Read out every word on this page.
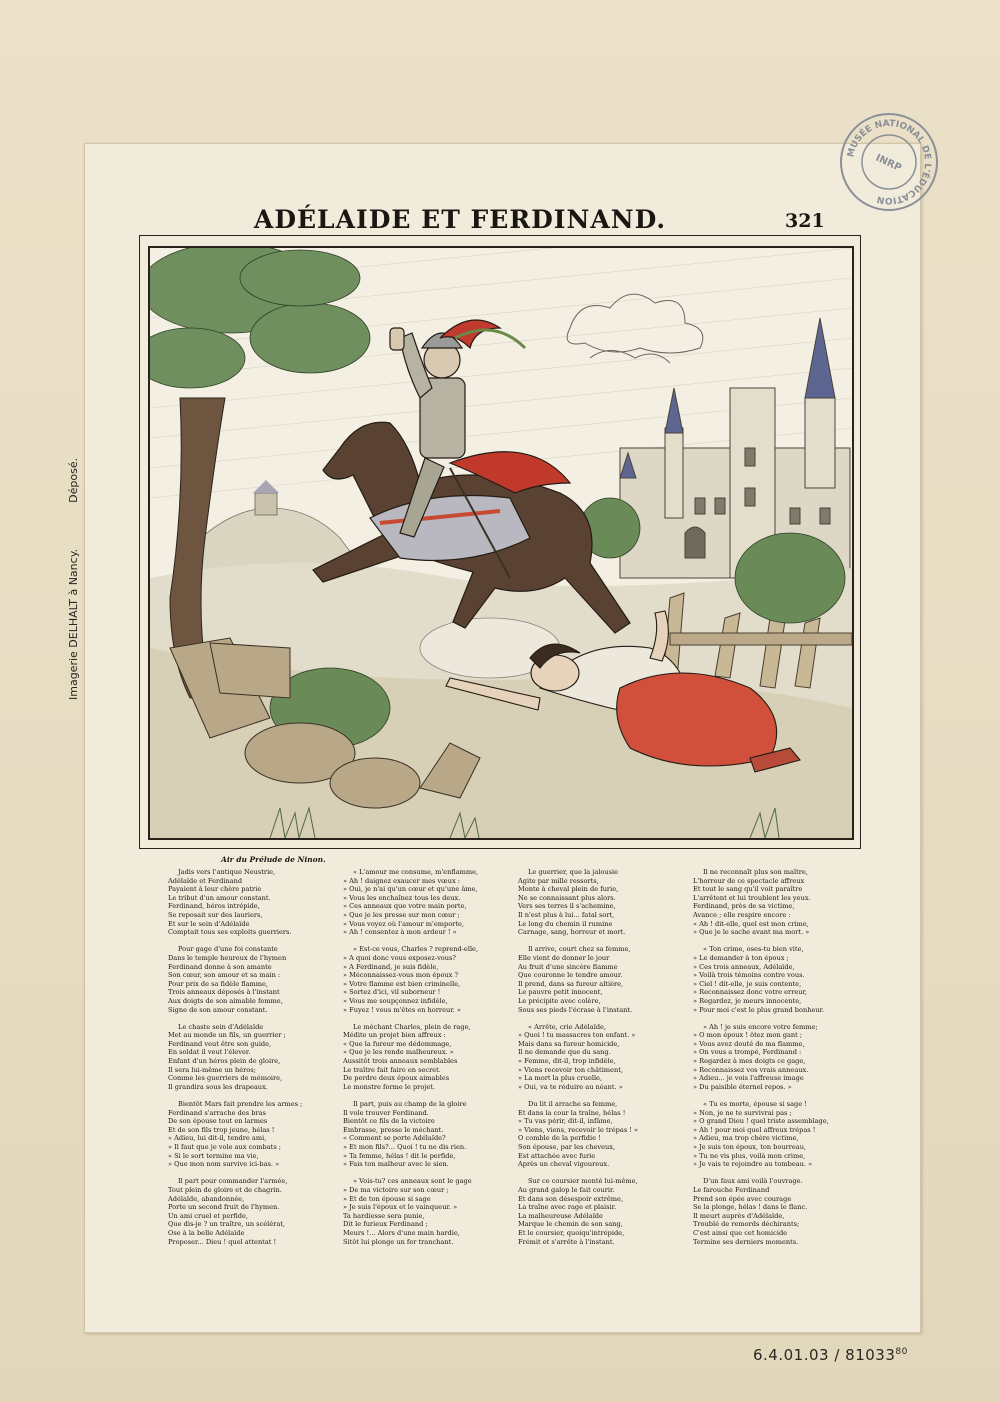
MUSÉE NATIONAL DE L'ÉDUCATION
INRP
ADÉLAIDE ET FERDINAND.	321
Imagerie DELHALT à Nancy.Déposé.
Air du Prélude de Ninon.
Jadis vers l'antique Neustrie,
Adélaïde et Ferdinand
Payaient à leur chère patrie
Le tribut d'un amour constant.
Ferdinand, héros intrépide,
Se reposait sur des lauriers,
Et sur le sein d'Adélaïde
Comptait tous ses exploits guerriers.
Pour gage d'une foi constante
Dans le temple heureux de l'hymen
Ferdinand donne à son amante
Son cœur, son amour et sa main :
Pour prix de sa fidèle flamme,
Trois anneaux déposés à l'instant
Aux doigts de son aimable femme,
Signe de son amour constant.
Le chaste sein d'Adélaïde
Met au monde un fils, un guerrier ;
Ferdinand veut être son guide,
En soldat il veut l'élever.
Enfant d'un héros plein de gloire,
Il sera lui-même un héros;
Comme les guerriers de mémoire,
Il grandira sous les drapeaux.
Bientôt Mars fait prendre les armes ;
Ferdinand s'arrache des bras
De son épouse tout en larmes
Et de son fils trop jeune, hélas !
« Adieu, lui dit-il, tendre ami,
» Il faut que je vole aux combats ;
» Si le sort termine ma vie,
» Que mon nom survive ici-bas. »
Il part pour commander l'armée,
Tout plein de gloire et de chagrin.
Adélaïde, abandonnée,
Porte un second fruit de l'hymen.
Un ami cruel et perfide,
Que dis-je ? un traître, un scélérat,
Ose à la belle Adélaïde
Proposer... Dieu ! quel attentat !
« L'amour me consume, m'enflamme,
» Ah ! daignez exaucer mes vœux :
» Oui, je n'ai qu'un cœur et qu'une âme,
» Vous les enchaînez tous les deux.
» Ces anneaux que votre main porte,
» Que je les presse sur mon cœur ;
» Vous voyez où l'amour m'emporte,
» Ah ! consentez à mon ardeur ! »
« Est-ce vous, Charles ? reprend-elle,
» A quoi donc vous exposez-vous?
» A Ferdinand, je suis fidèle,
» Méconnaissez-vous mon époux ?
» Votre flamme est bien criminelle,
» Sortez d'ici, vil suborneur !
» Vous me soupçonnez infidèle,
» Fuyez ! vous m'êtes en horreur. »
Le méchant Charles, plein de rage,
Médite un projet bien affreux :
« Que la fureur me dédommage,
» Que je les rende malheureux. »
Aussitôt trois anneaux semblables
Le traître fait faire en secret.
De perdre deux époux aimables
Le monstre forme le projet.
Il part, puis au champ de la gloire
Il vole trouver Ferdinand.
Bientôt ce fils de la victoire
Embrasse, presse le méchant.
« Comment se porte Adélaïde?
» Et mon fils?... Quoi ! tu ne dis rien.
» Ta femme, hélas ! dit le perfide,
» Fais ton malheur avec le sien.
» Vois-tu? ces anneaux sont le gage
» De ma victoire sur son cœur ;
» Et de ton épouse si sage
» Je suis l'époux et le vainqueur. »
Ta hardiesse sera punie,
Dit le furieux Ferdinand ;
Meurs !... Alors d'une main hardie,
Sitôt lui plonge un fer tranchant.
Le guerrier, que la jalousie
Agite par mille ressorts,
Monte à cheval plein de furie,
Ne se connaissant plus alors.
Vers ses terres il s'achemine,
Il n'est plus à lui... fatal sort,
Le long du chemin il rumine
Carnage, sang, horreur et mort.
Il arrive, court chez sa femme,
Elle vient de donner le jour
Au fruit d'une sincère flamme
Que couronne le tendre amour.
Il prend, dans sa fureur altière,
Le pauvre petit innocent,
Le précipite avec colère,
Sous ses pieds l'écrase à l'instant.
« Arrête, crie Adélaïde,
» Quoi ! tu massacres ton enfant. »
Mais dans sa fureur homicide,
Il ne demande que du sang.
« Femme, dit-il, trop infidèle,
» Viens recevoir ton châtiment,
» La mort la plus cruelle,
» Oui, va te réduire au néant. »
Du lit il arrache sa femme,
Et dans la cour la traîne, hélas !
« Tu vas périr, dit-il, infâme,
» Viens, viens, recevoir le trépas ! »
O comble de la perfidie !
Son épouse, par les cheveux,
Est attachée avec furie
Après un cheval vigoureux.
Sur ce coursier monté lui-même,
Au grand galop le fait courir.
Et dans son désespoir extrême,
La traîne avec rage et plaisir.
La malheureuse Adélaïde
Marque le chemin de son sang,
Et le coursier, quoiqu'intrépide,
Frémit et s'arrête à l'instant.
Il ne reconnaît plus son maître,
L'horreur de ce spectacle affreux
Et tout le sang qu'il voit paraître
L'arrêtent et lui troublent les yeux.
Ferdinand, près de sa victime,
Avance ; elle respire encore :
« Ah ! dit-elle, quel est mon crime,
» Que je le sache avant ma mort. »
« Ton crime, oses-tu bien vite,
» Le demander à ton époux ;
» Ces trois anneaux, Adélaïde,
» Voilà trois témoins contre vous.
» Ciel ! dit-elle, je suis contente,
» Reconnaissez donc votre erreur,
» Regardez, je meurs innocente,
» Pour moi c'est le plus grand bonheur.
» Ah ! je suis encore votre femme;
» O mon époux ! ôtez mon gant ;
» Vous avez douté de ma flamme,
» On vous a trompé, Ferdinand :
» Regardez à mes doigts ce gage,
» Reconnaissez vos vrais anneaux.
» Adieu... je vois l'affreuse image
» Du paisible éternel repos. »
« Tu es morte, épouse si sage !
» Non, je ne te survivrai pas ;
» O grand Dieu ! quel triste assemblage,
» Ah ! pour moi quel affreux trépas !
» Adieu, ma trop chère victime,
» Je suis ton époux, ton bourreau,
» Tu ne vis plus, voilà mon crime,
» Je vais te rejoindre au tombeau. »
D'un faux ami voilà l'ouvrage.
Le farouche Ferdinand
Prend son épée avec courage
Se la plonge, hélas ! dans le flanc.
Il meurt auprès d'Adélaïde,
Troublé de remords déchirants;
C'est ainsi que cet homicide
Termine ses derniers moments.
6.4.01.03 / 81033$^{80}$
